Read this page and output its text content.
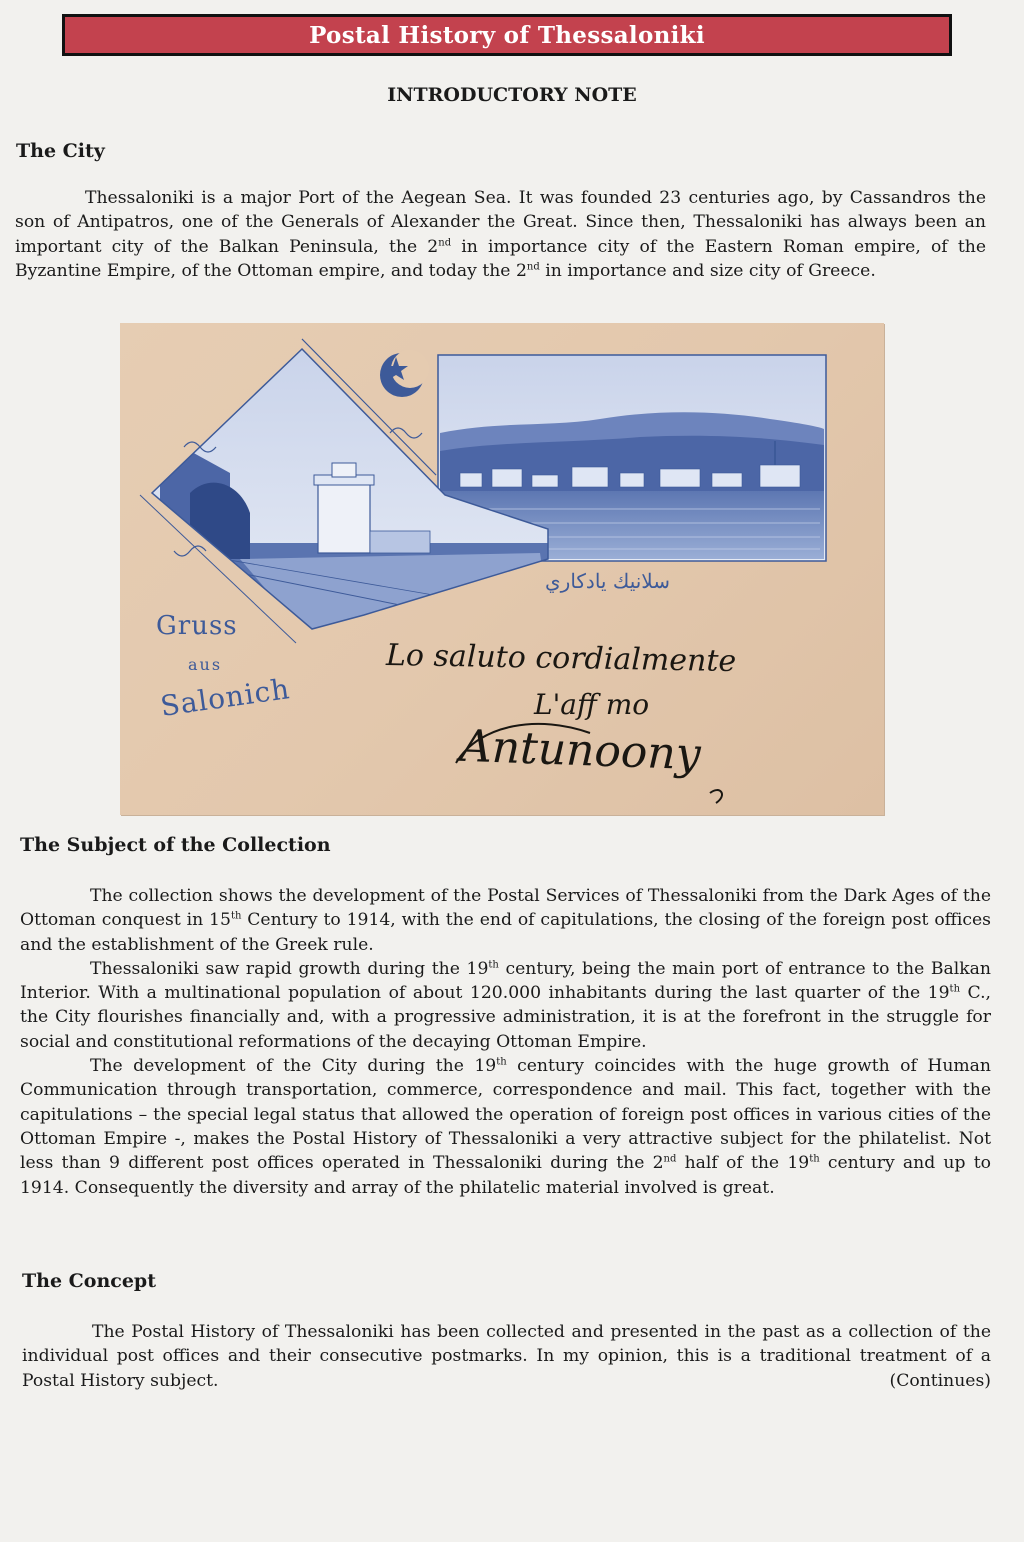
Postal History of Thessaloniki
INTRODUCTORY NOTE
The City

Thessaloniki is a major Port of the Aegean Sea. It was founded 23 centuries ago, by Cassandros the son of Antipatros, one of the Generals of Alexander the Great. Since then, Thessaloniki has always been an important city of the Balkan Peninsula, the 2nd in importance city of the Eastern Roman empire, of the Byzantine Empire, of the Ottoman empire, and today the 2nd in importance and size city of Greece.

Gruss
aus
Salonich
سلانيك يادكاري
Lo saluto cordialmente
L'aff mo
Antunoony
The Subject of the Collection

The collection shows the development of the Postal Services of Thessaloniki from the Dark Ages of the Ottoman conquest in 15th Century to 1914, with the end of capitulations, the closing of the foreign post offices and the establishment of the Greek rule.

Thessaloniki saw rapid growth during the 19th century, being the main port of entrance to the Balkan Interior. With a multinational population of about 120.000 inhabitants during the last quarter of the 19th C., the City flourishes financially and, with a progressive administration, it is at the forefront in the struggle for social and constitutional reformations of the decaying Ottoman Empire.

The development of the City during the 19th century coincides with the huge growth of Human Communication through transportation, commerce, correspondence and mail. This fact, together with the capitulations – the special legal status that allowed the operation of foreign post offices in various cities of the Ottoman Empire -, makes the Postal History of Thessaloniki a very attractive subject for the philatelist. Not less than 9 different post offices operated in Thessaloniki during the 2nd half of the 19th century and up to 1914. Consequently the diversity and array of the philatelic material involved is great.

The Concept

The Postal History of Thessaloniki has been collected and presented in the past as a collection of the individual post offices and their consecutive postmarks. In my opinion, this is a traditional treatment of a Postal History subject.	(Continues)
